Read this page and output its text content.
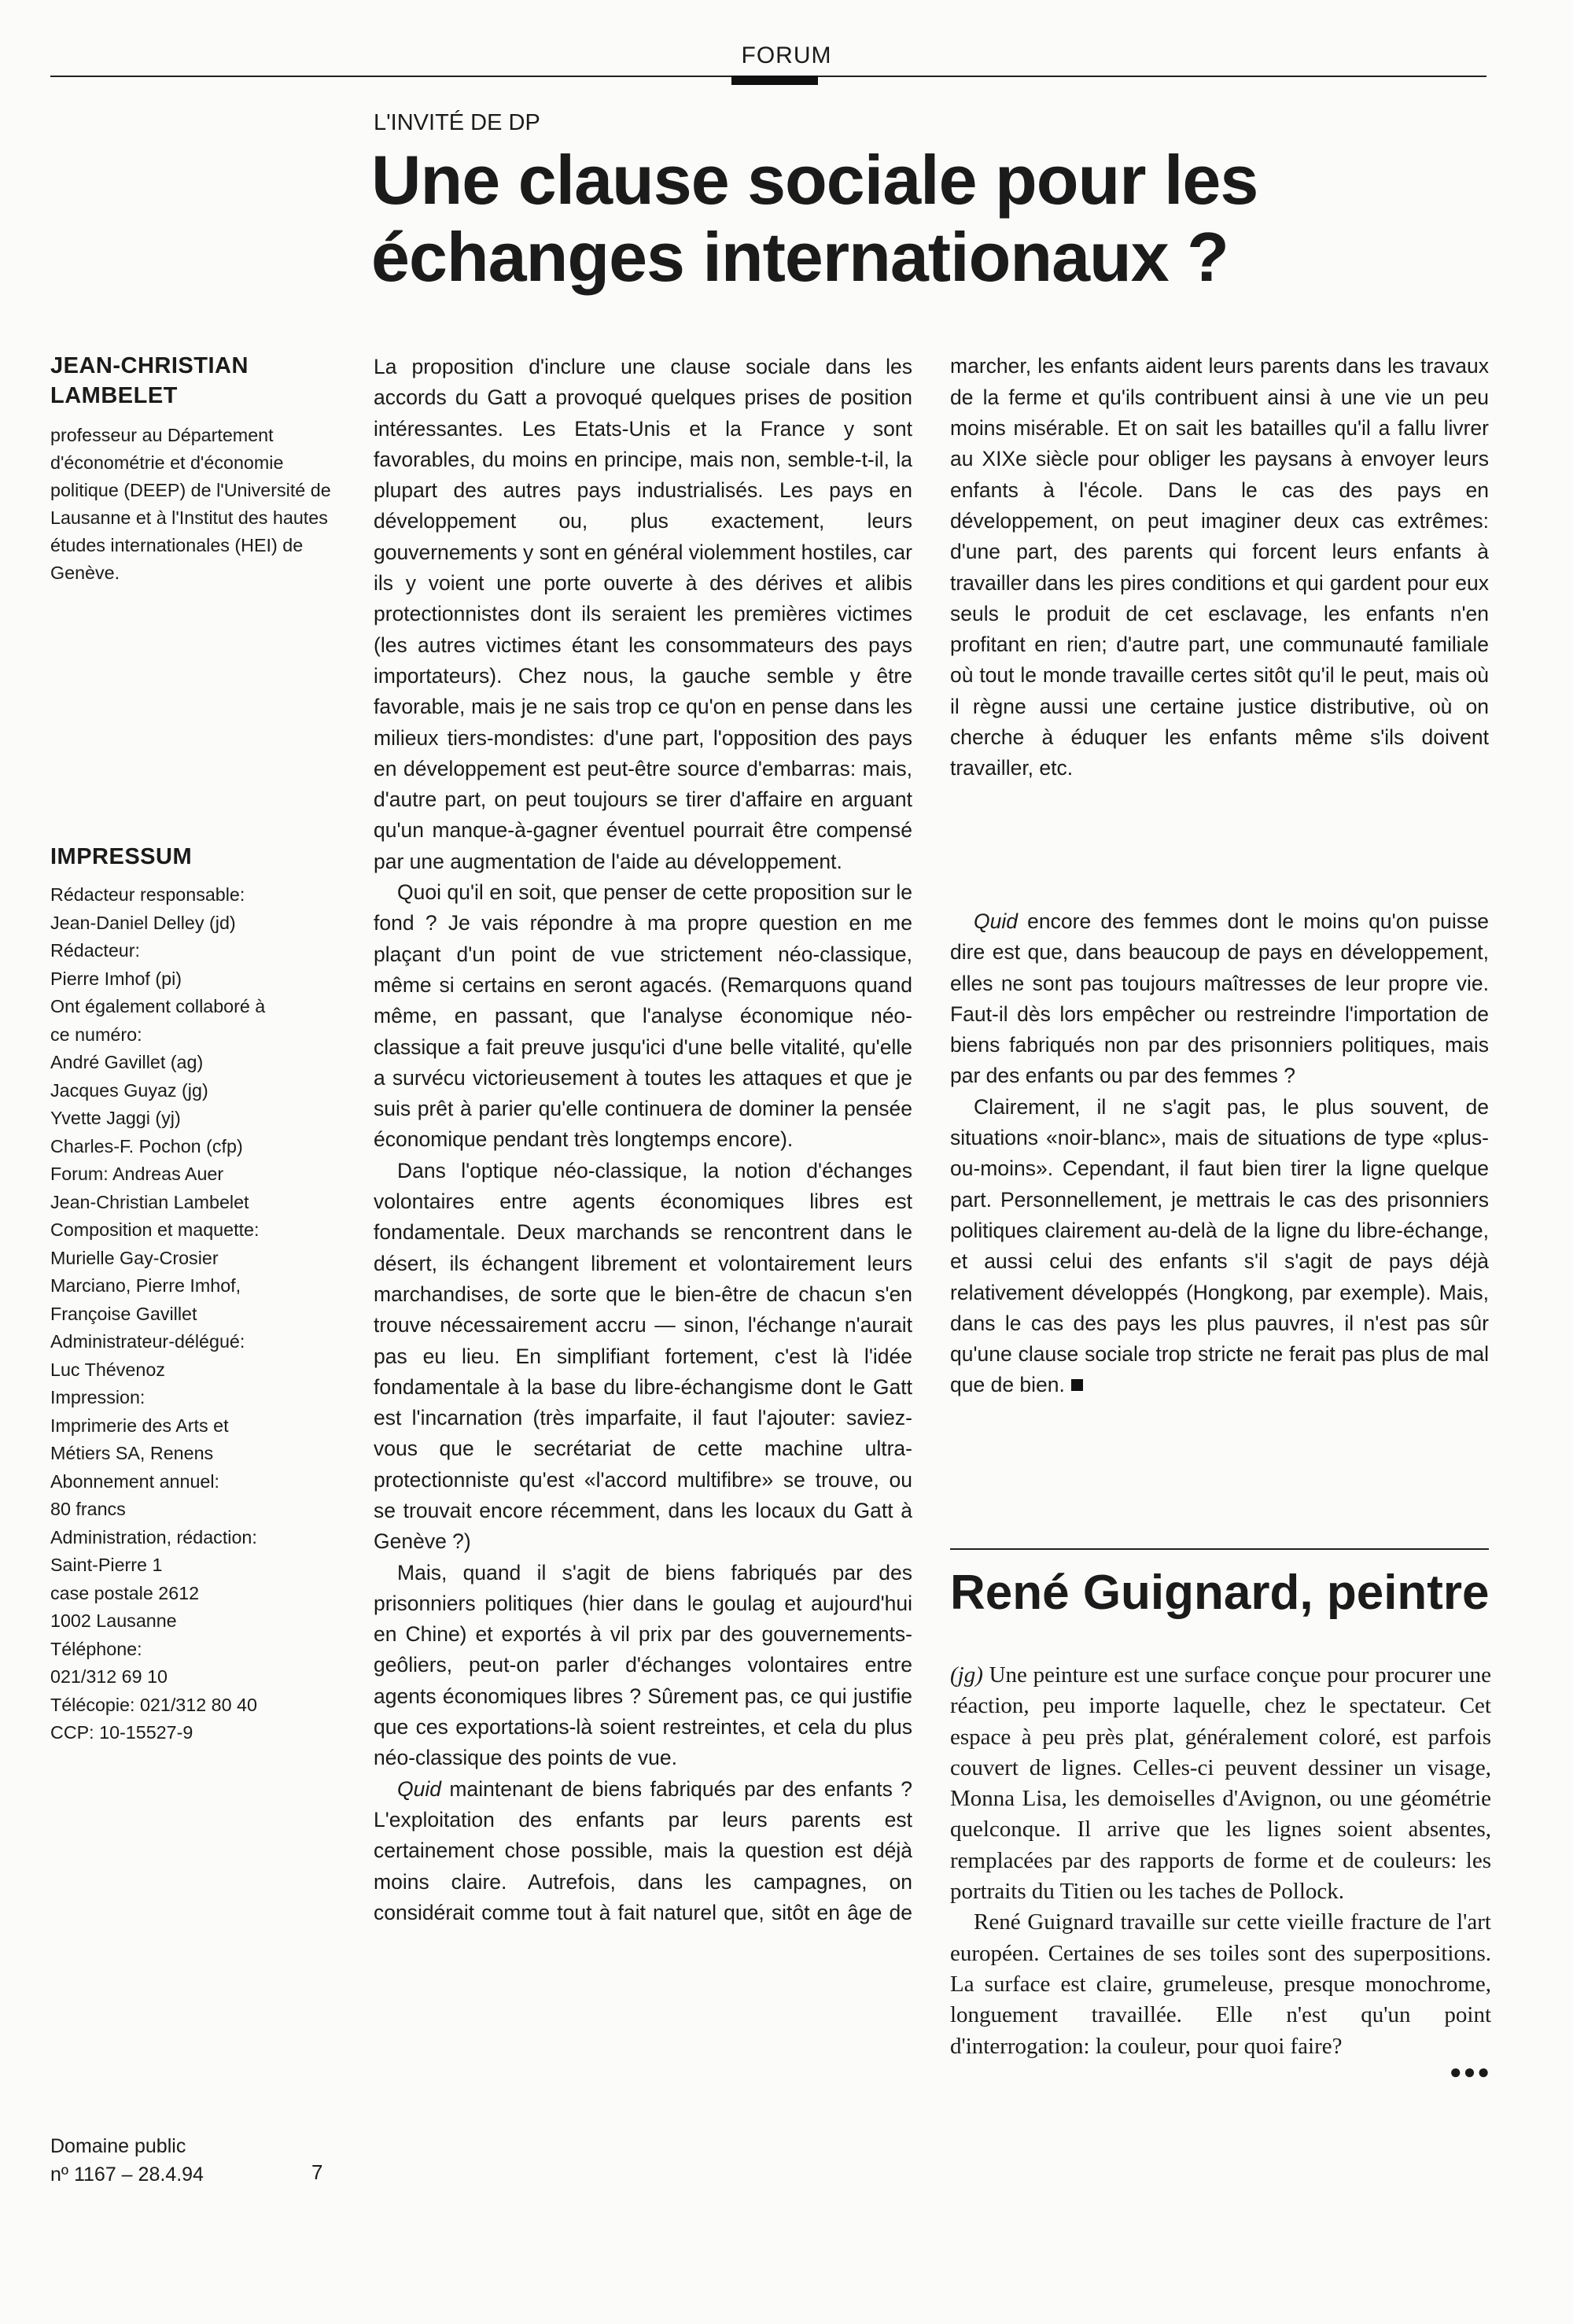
FORUM
L'INVITÉ DE DP
Une clause sociale pour les
échanges internationaux ?

JEAN-CHRISTIAN LAMBELET

professeur au Département d'économétrie et d'économie politique (DEEP) de l'Université de Lausanne et à l'Institut des hautes études internationales (HEI) de Genève.

IMPRESSUM

Rédacteur responsable:
Jean-Daniel Delley (jd)
Rédacteur:
Pierre Imhof (pi)
Ont également collaboré à
ce numéro:
André Gavillet (ag)
Jacques Guyaz (jg)
Yvette Jaggi (yj)
Charles-F. Pochon (cfp)
Forum: Andreas Auer
Jean-Christian Lambelet
Composition et maquette:
Murielle Gay-Crosier
Marciano, Pierre Imhof,
Françoise Gavillet
Administrateur-délégué:
Luc Thévenoz
Impression:
Imprimerie des Arts et
Métiers SA, Renens
Abonnement annuel:
80 francs
Administration, rédaction:
Saint-Pierre 1
case postale 2612
1002 Lausanne
Téléphone:
021/312 69 10
Télécopie: 021/312 80 40
CCP: 10-15527-9
Domaine public
nº 1167 – 28.4.94	7

La proposition d'inclure une clause sociale dans les accords du Gatt a provoqué quelques prises de position intéressantes. Les Etats-Unis et la France y sont favorables, du moins en principe, mais non, semble-t-il, la plupart des autres pays industrialisés. Les pays en développement ou, plus exactement, leurs gouvernements y sont en général violemment hostiles, car ils y voient une porte ouverte à des dérives et alibis protectionnistes dont ils seraient les premières victimes (les autres victimes étant les consommateurs des pays importateurs). Chez nous, la gauche semble y être favorable, mais je ne sais trop ce qu'on en pense dans les milieux tiers-mondistes: d'une part, l'opposition des pays en développement est peut-être source d'embarras: mais, d'autre part, on peut toujours se tirer d'affaire en arguant qu'un manque-à-gagner éventuel pourrait être compensé par une augmentation de l'aide au développement.

Quoi qu'il en soit, que penser de cette proposition sur le fond ? Je vais répondre à ma propre question en me plaçant d'un point de vue strictement néo-classique, même si certains en seront agacés. (Remarquons quand même, en passant, que l'analyse économique néo-classique a fait preuve jusqu'ici d'une belle vitalité, qu'elle a survécu victorieusement à toutes les attaques et que je suis prêt à parier qu'elle continuera de dominer la pensée économique pendant très longtemps encore).

Dans l'optique néo-classique, la notion d'échanges volontaires entre agents économiques libres est fondamentale. Deux marchands se rencontrent dans le désert, ils échangent librement et volontairement leurs marchandises, de sorte que le bien-être de chacun s'en trouve nécessairement accru — sinon, l'échange n'aurait pas eu lieu. En simplifiant fortement, c'est là l'idée fondamentale à la base du libre-échangisme dont le Gatt est l'incarnation (très imparfaite, il faut l'ajouter: saviez-vous que le secrétariat de cette machine ultra-protectionniste qu'est «l'accord multifibre» se trouve, ou se trouvait encore récemment, dans les locaux du Gatt à Genève ?)

Mais, quand il s'agit de biens fabriqués par des prisonniers politiques (hier dans le goulag et aujourd'hui en Chine) et exportés à vil prix par des gouvernements-geôliers, peut-on parler d'échanges volontaires entre agents économiques libres ? Sûrement pas, ce qui justifie que ces exportations-là soient restreintes, et cela du plus néo-classique des points de vue.

Quid maintenant de biens fabriqués par des enfants ? L'exploitation des enfants par leurs parents est certainement chose possible, mais la question est déjà moins claire. Autrefois, dans les campagnes, on considérait comme tout à fait naturel que, sitôt en âge de

marcher, les enfants aident leurs parents dans les travaux de la ferme et qu'ils contribuent ainsi à une vie un peu moins misérable. Et on sait les batailles qu'il a fallu livrer au XIXe siècle pour obliger les paysans à envoyer leurs enfants à l'école. Dans le cas des pays en développement, on peut imaginer deux cas extrêmes: d'une part, des parents qui forcent leurs enfants à travailler dans les pires conditions et qui gardent pour eux seuls le produit de cet esclavage, les enfants n'en profitant en rien; d'autre part, une communauté familiale où tout le monde travaille certes sitôt qu'il le peut, mais où il règne aussi une certaine justice distributive, où on cherche à éduquer les enfants même s'ils doivent travailler, etc.

Quid encore des femmes dont le moins qu'on puisse dire est que, dans beaucoup de pays en développement, elles ne sont pas toujours maîtresses de leur propre vie. Faut-il dès lors empêcher ou restreindre l'importation de biens fabriqués non par des prisonniers politiques, mais par des enfants ou par des femmes ?

Clairement, il ne s'agit pas, le plus souvent, de situations «noir-blanc», mais de situations de type «plus-ou-moins». Cependant, il faut bien tirer la ligne quelque part. Personnellement, je mettrais le cas des prisonniers politiques clairement au-delà de la ligne du libre-échange, et aussi celui des enfants s'il s'agit de pays déjà relativement développés (Hongkong, par exemple). Mais, dans le cas des pays les plus pauvres, il n'est pas sûr qu'une clause sociale trop stricte ne ferait pas plus de mal que de bien.

René Guignard, peintre

(jg) Une peinture est une surface conçue pour procurer une réaction, peu importe laquelle, chez le spectateur. Cet espace à peu près plat, généralement coloré, est parfois couvert de lignes. Celles-ci peuvent dessiner un visage, Monna Lisa, les demoiselles d'Avignon, ou une géométrie quelconque. Il arrive que les lignes soient absentes, remplacées par des rapports de forme et de couleurs: les portraits du Titien ou les taches de Pollock.

René Guignard travaille sur cette vieille fracture de l'art européen. Certaines de ses toiles sont des superpositions. La surface est claire, grumeleuse, presque monochrome, longuement travaillée. Elle n'est qu'un point d'interrogation: la couleur, pour quoi faire?

●●●
